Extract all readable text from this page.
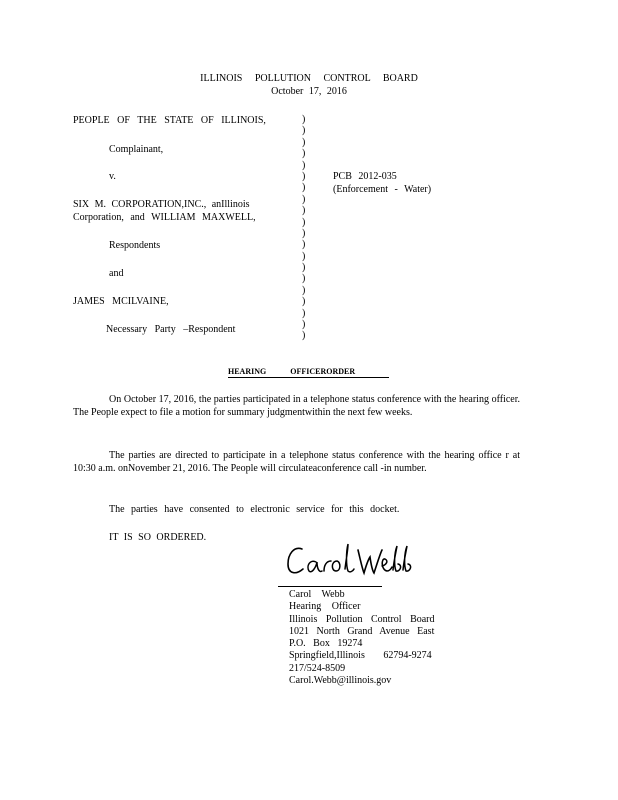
ILLINOIS POLLUTION CONTROL BOARD
October 17, 2016
PEOPLE OF THE STATE OF ILLINOIS,
Complainant,
v.
SIX M. CORPORATION,INC., anIllinois
Corporation, and WILLIAM MAXWELL,
Respondents
and
JAMES MCILVAINE,
Necessary Party –Respondent
)
)
)
)
)
)
)
)
)
)
)
)
)
)
)
)
)
)
)
)
PCB 2012-035
(Enforcement - Water)
HEARING OFFICERORDER
On October 17, 2016, the parties participated in a telephone status conference with the hearing officer. The People expect to file a motion for summary judgmentwithin the next few weeks.
The parties are directed to participate in a telephone status conference with the hearing office r at 10:30 a.m. onNovember 21, 2016. The People will circulateaconference call -in number.
The parties have consented to electronic service for this docket.
IT IS SO ORDERED.
Carol Webb
Hearing Officer
Illinois Pollution Control Board
1021 North Grand Avenue East
P.O. Box 19274
Springfield,Illinois 62794-9274
217/524-8509
Carol.Webb@illinois.gov
